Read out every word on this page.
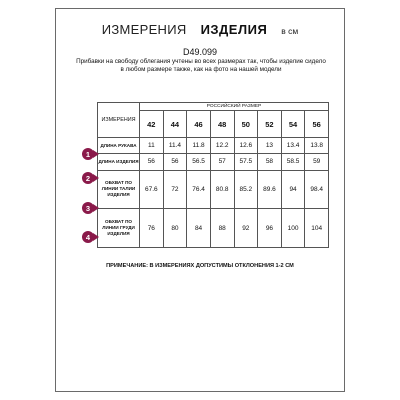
ИЗМЕРЕНИЯ ИЗДЕЛИЯ в см
D49.099
Прибавки на свободу облегания учтены во всех размерах так, чтобы изделие сидело в любом размере также, как на фото на нашей модели
ИЗМЕРЕНИЯ	РОССИЙСКИЙ РАЗМЕР							
	42	44	46	48	50	52	54	56
ДЛИНА РУКАВА	11	11.4	11.8	12.2	12.6	13	13.4	13.8
ДЛИНА ИЗДЕЛИЯ	56	56	56.5	57	57.5	58	58.5	59
ОБХВАТ ПО ЛИНИИ ТАЛИИ ИЗДЕЛИЯ	67.6	72	76.4	80.8	85.2	89.6	94	98.4
ОБХВАТ ПО ЛИНИИ ГРУДИ ИЗДЕЛИЯ	76	80	84	88	92	96	100	104
1
2
3
4
ПРИМЕЧАНИЕ: В ИЗМЕРЕНИЯХ ДОПУСТИМЫ ОТКЛОНЕНИЯ 1-2 СМ
